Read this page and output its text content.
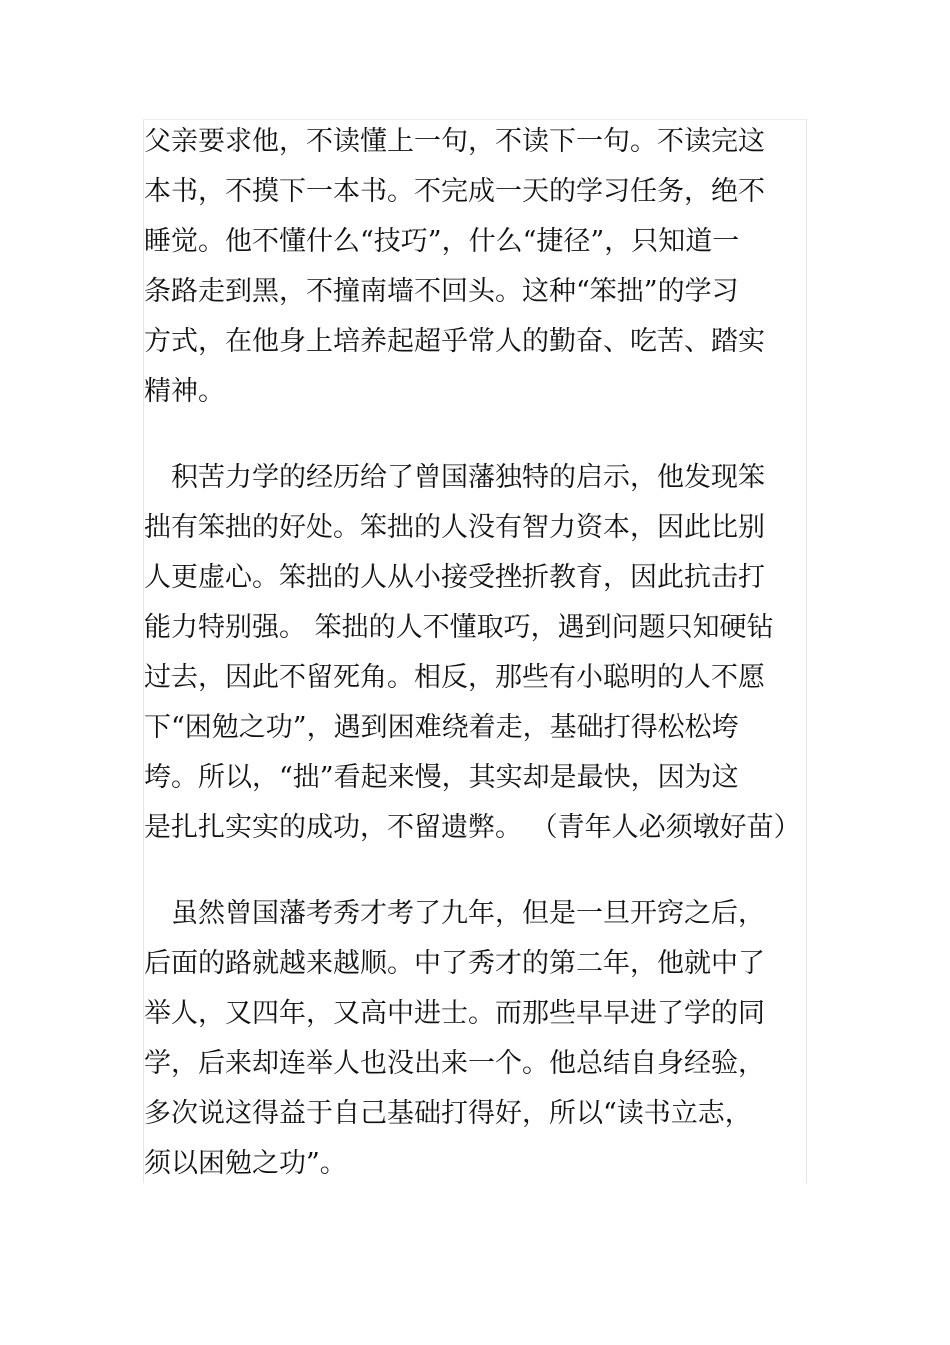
父亲要求他，不读懂上一句，不读下一句。不读完这
本书，不摸下一本书。不完成一天的学习任务，绝不
睡觉。他不懂什么“技巧”，什么“捷径”，只知道一
条路走到黑，不撞南墙不回头。这种“笨拙”的学习
方式，在他身上培养起超乎常人的勤奋、吃苦、踏实
精神。

　积苦力学的经历给了曾国藩独特的启示，他发现笨
拙有笨拙的好处。笨拙的人没有智力资本，因此比别
人更虚心。笨拙的人从小接受挫折教育，因此抗击打
能力特别强。 笨拙的人不懂取巧，遇到问题只知硬钻
过去，因此不留死角。相反，那些有小聪明的人不愿
下“困勉之功”，遇到困难绕着走，基础打得松松垮
垮。所以，“拙”看起来慢，其实却是最快，因为这
是扎扎实实的成功，不留遗弊。 （青年人必须墩好苗）

　虽然曾国藩考秀才考了九年，但是一旦开窍之后，
后面的路就越来越顺。中了秀才的第二年，他就中了
举人，又四年，又高中进士。而那些早早进了学的同
学，后来却连举人也没出来一个。他总结自身经验，
多次说这得益于自己基础打得好，所以“读书立志，
须以困勉之功”。
